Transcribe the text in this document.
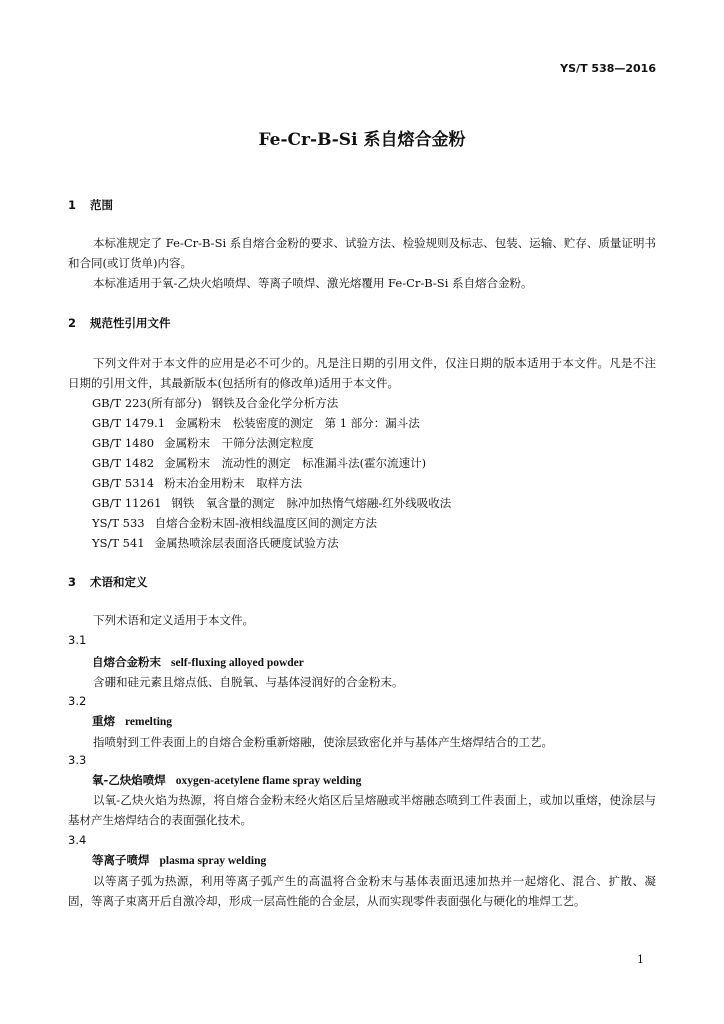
YS/T 538—2016
Fe-Cr-B-Si 系自熔合金粉
1 范围
本标准规定了 Fe-Cr-B-Si 系自熔合金粉的要求、试验方法、检验规则及标志、包装、运输、贮存、质量证明书和合同(或订货单)内容。
本标准适用于氧-乙炔火焰喷焊、等离子喷焊、激光熔覆用 Fe-Cr-B-Si 系自熔合金粉。
2 规范性引用文件
下列文件对于本文件的应用是必不可少的。凡是注日期的引用文件，仅注日期的版本适用于本文件。凡是不注日期的引用文件，其最新版本(包括所有的修改单)适用于本文件。
GB/T 223(所有部分) 钢铁及合金化学分析方法
GB/T 1479.1 金属粉末　松装密度的测定　第 1 部分：漏斗法
GB/T 1480 金属粉末　干筛分法测定粒度
GB/T 1482 金属粉末　流动性的测定　标准漏斗法(霍尔流速计)
GB/T 5314 粉末冶金用粉末　取样方法
GB/T 11261 钢铁　氧含量的测定　脉冲加热惰气熔融-红外线吸收法
YS/T 533 自熔合金粉末固-液相线温度区间的测定方法
YS/T 541 金属热喷涂层表面洛氏硬度试验方法
3 术语和定义
下列术语和定义适用于本文件。
3.1
自熔合金粉末 self-fluxing alloyed powder
含硼和硅元素且熔点低、自脱氧、与基体浸润好的合金粉末。
3.2
重熔 remelting
指喷射到工件表面上的自熔合金粉重新熔融，使涂层致密化并与基体产生熔焊结合的工艺。
3.3
氧-乙炔焰喷焊 oxygen-acetylene flame spray welding
以氧-乙炔火焰为热源，将自熔合金粉末经火焰区后呈熔融或半熔融态喷到工件表面上，或加以重熔，使涂层与基材产生熔焊结合的表面强化技术。
3.4
等离子喷焊 plasma spray welding
以等离子弧为热源，利用等离子弧产生的高温将合金粉末与基体表面迅速加热并一起熔化、混合、扩散、凝固，等离子束离开后自激冷却，形成一层高性能的合金层，从而实现零件表面强化与硬化的堆焊工艺。
1
